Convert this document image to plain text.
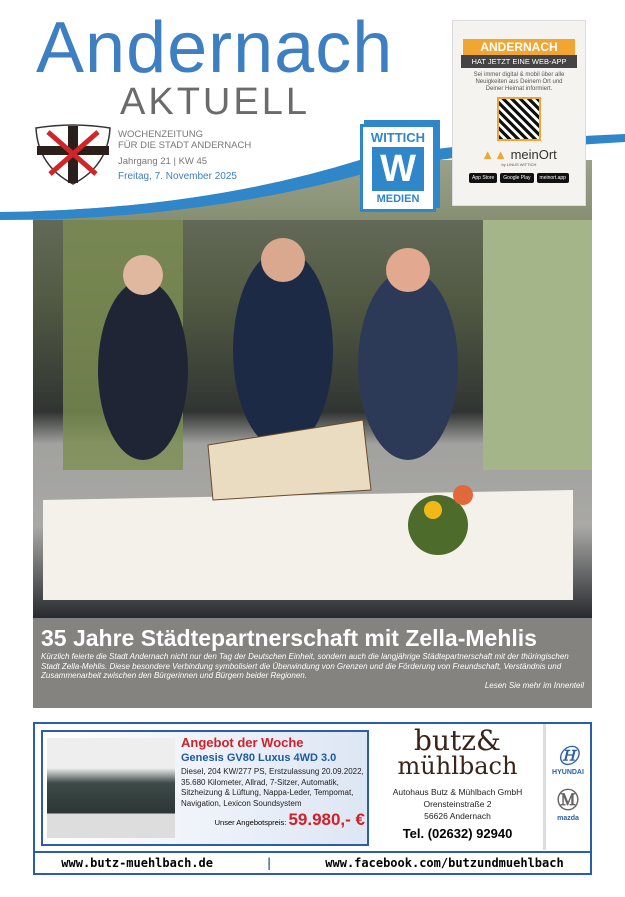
Andernach
AKTUELL
WOCHENZEITUNG
FÜR DIE STADT ANDERNACH
Jahrgang 21 | KW 45
Freitag, 7. November 2025
WITTICH
W
MEDIEN
ANDERNACH
HAT JETZT EINE WEB-APP
Sei immer digital & mobil über alle Neuigkeiten aus Deinem Ort und Deiner Heimat informiert.
▲▲ meinOrt
by LINUS WITTICH
App Store	Google Play	meinort.app
35 Jahre Städtepartnerschaft mit Zella-Mehlis

Kürzlich feierte die Stadt Andernach nicht nur den Tag der Deutschen Einheit, sondern auch die langjährige Städtepartnerschaft mit der thüringischen Stadt Zella-Mehlis. Diese besondere Verbindung symbolisiert die Überwindung von Grenzen und die Förderung von Freundschaft, Verständnis und Zusammenarbeit zwischen den Bürgerinnen und Bürgern beider Regionen.

Lesen Sie mehr im Innenteil
Angebot der Woche
Genesis GV80 Luxus 4WD 3.0
Diesel, 204 KW/277 PS, Erstzulassung 20.09.2022, 35.680 Kilometer, Allrad, 7-Sitzer, Automatik, Sitzheizung & Lüftung, Nappa-Leder, Tempomat, Navigation, Lexicon Soundsystem
Unser Angebotspreis: 59.980,- €
butz&
mühlbach
Autohaus Butz & Mühlbach GmbH
Orensteinstraße 2
56626 Andernach
Tel. (02632) 92940
Ⓗ
HYUNDAI
Ⓜ
mazda
www.butz-muehlbach.de	|	www.facebook.com/butzundmuehlbach
